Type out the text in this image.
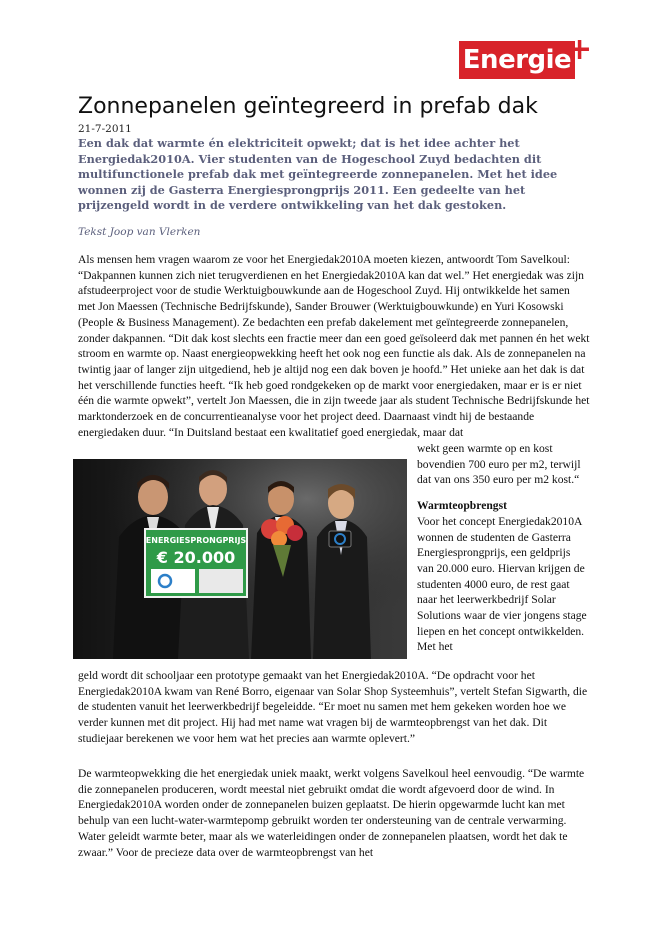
Energie
+
Zonnepanelen geïntegreerd in prefab dak
21-7-2011
Een dak dat warmte én elektriciteit opwekt; dat is het idee achter het Energiedak2010A. Vier studenten van de Hogeschool Zuyd bedachten dit multifunctionele prefab dak met geïntegreerde zonnepanelen. Met het idee wonnen zij de Gasterra Energiesprongprijs 2011. Een gedeelte van het prijzengeld wordt in de verdere ontwikkeling van het dak gestoken.
Tekst Joop van Vlerken
Als mensen hem vragen waarom ze voor het Energiedak2010A moeten kiezen, antwoordt Tom Savelkoul: “Dakpannen kunnen zich niet terugverdienen en het Energiedak2010A kan dat wel.” Het energiedak was zijn afstudeerproject voor de studie Werktuigbouwkunde aan de Hogeschool Zuyd. Hij ontwikkelde het samen met Jon Maessen (Technische Bedrijfskunde), Sander Brouwer (Werktuigbouwkunde) en Yuri Kosowski (People & Business Management). Ze bedachten een prefab dakelement met geïntegreerde zonnepanelen, zonder dakpannen. “Dit dak kost slechts een fractie meer dan een goed geïsoleerd dak met pannen én het wekt stroom en warmte op. Naast energieopwekking heeft het ook nog een functie als dak. Als de zonnepanelen na twintig jaar of langer zijn uitgediend, heb je altijd nog een dak boven je hoofd.” Het unieke aan het dak is dat het verschillende functies heeft. “Ik heb goed rondgekeken op de markt voor energiedaken, maar er is er niet één die warmte opwekt”, vertelt Jon Maessen, die in zijn tweede jaar als student Technische Bedrijfskunde het marktonderzoek en de concurrentieanalyse voor het project deed. Daarnaast vindt hij de bestaande energiedaken duur. “In Duitsland bestaat een kwalitatief goed energiedak, maar dat
ENERGIESPRONGPRIJS
€ 20.000
wekt geen warmte op en kost bovendien 700 euro per m2, terwijl dat van ons 350 euro per m2 kost.“
Warmteopbrengst
Voor het concept Energiedak2010A wonnen de studenten de Gasterra Energiesprongprijs, een geldprijs van 20.000 euro. Hiervan krijgen de studenten 4000 euro, de rest gaat naar het leerwerkbedrijf Solar Solutions waar de vier jongens stage liepen en het concept ontwikkelden. Met het
geld wordt dit schooljaar een prototype gemaakt van het Energiedak2010A. “De opdracht voor het Energiedak2010A kwam van René Borro, eigenaar van Solar Shop Systeemhuis”, vertelt Stefan Sigwarth, die de studenten vanuit het leerwerkbedrijf begeleidde. “Er moet nu samen met hem gekeken worden hoe we verder kunnen met dit project. Hij had met name wat vragen bij de warmteopbrengst van het dak. Dit studiejaar berekenen we voor hem wat het precies aan warmte oplevert.”
De warmteopwekking die het energiedak uniek maakt, werkt volgens Savelkoul heel eenvoudig. “De warmte die zonnepanelen produceren, wordt meestal niet gebruikt omdat die wordt afgevoerd door de wind. In Energiedak2010A worden onder de zonnepanelen buizen geplaatst. De hierin opgewarmde lucht kan met behulp van een lucht-water-warmtepomp gebruikt worden ter ondersteuning van de centrale verwarming. Water geleidt warmte beter, maar als we waterleidingen onder de zonnepanelen plaatsen, wordt het dak te zwaar.” Voor de precieze data over de warmteopbrengst van het
